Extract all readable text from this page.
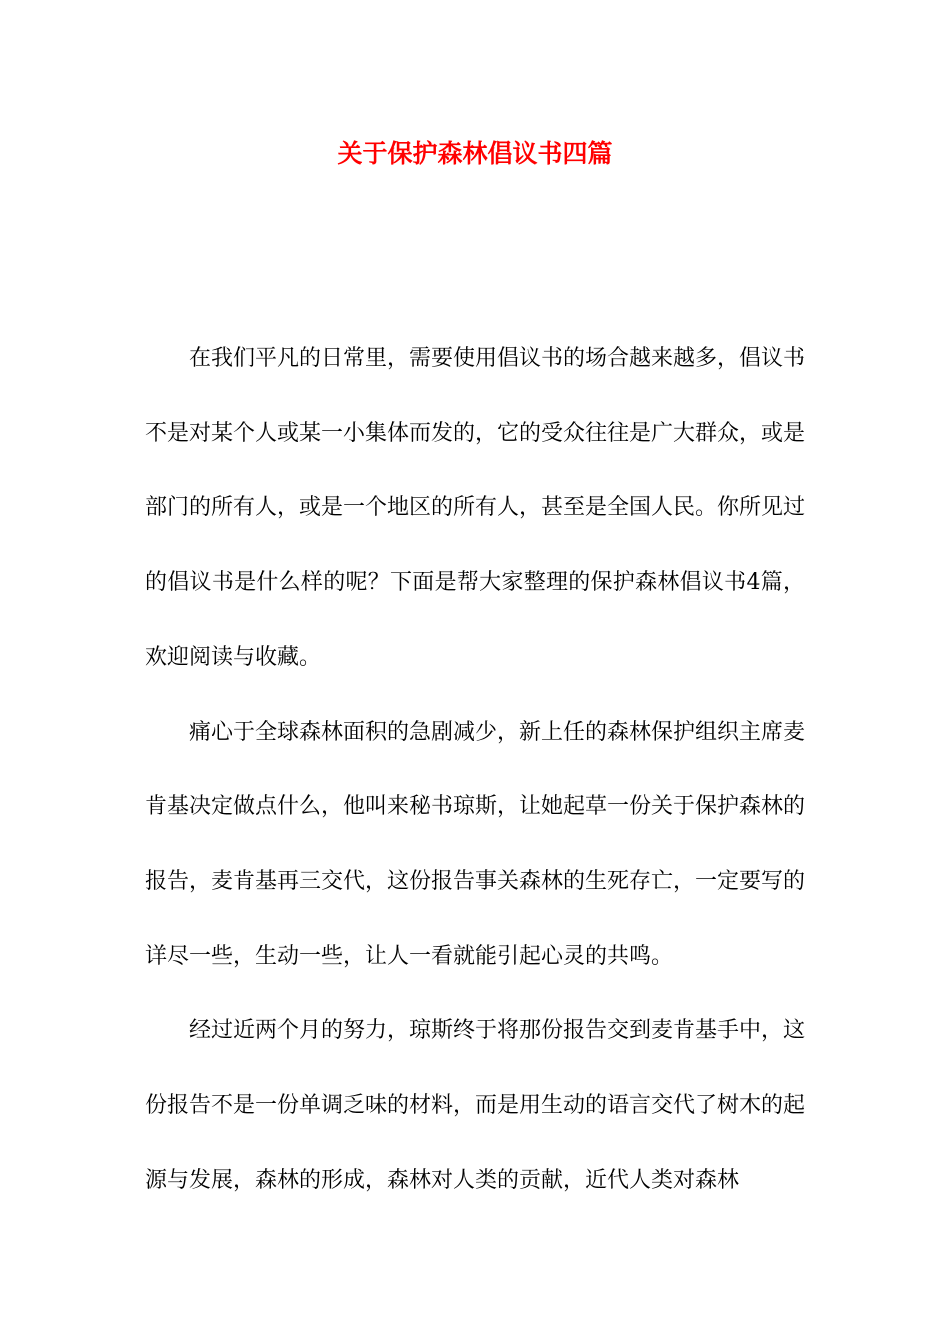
关于保护森林倡议书四篇

在我们平凡的日常里，需要使用倡议书的场合越来越多，倡议书不是对某个人或某一小集体而发的，它的受众往往是广大群众，或是部门的所有人，或是一个地区的所有人，甚至是全国人民。你所见过的倡议书是什么样的呢？下面是帮大家整理的保护森林倡议书4篇，欢迎阅读与收藏。

痛心于全球森林面积的急剧减少，新上任的森林保护组织主席麦肯基决定做点什么，他叫来秘书琼斯，让她起草一份关于保护森林的报告，麦肯基再三交代，这份报告事关森林的生死存亡，一定要写的详尽一些，生动一些，让人一看就能引起心灵的共鸣。

经过近两个月的努力，琼斯终于将那份报告交到麦肯基手中，这份报告不是一份单调乏味的材料，而是用生动的语言交代了树木的起源与发展，森林的形成，森林对人类的贡献，近代人类对森林
